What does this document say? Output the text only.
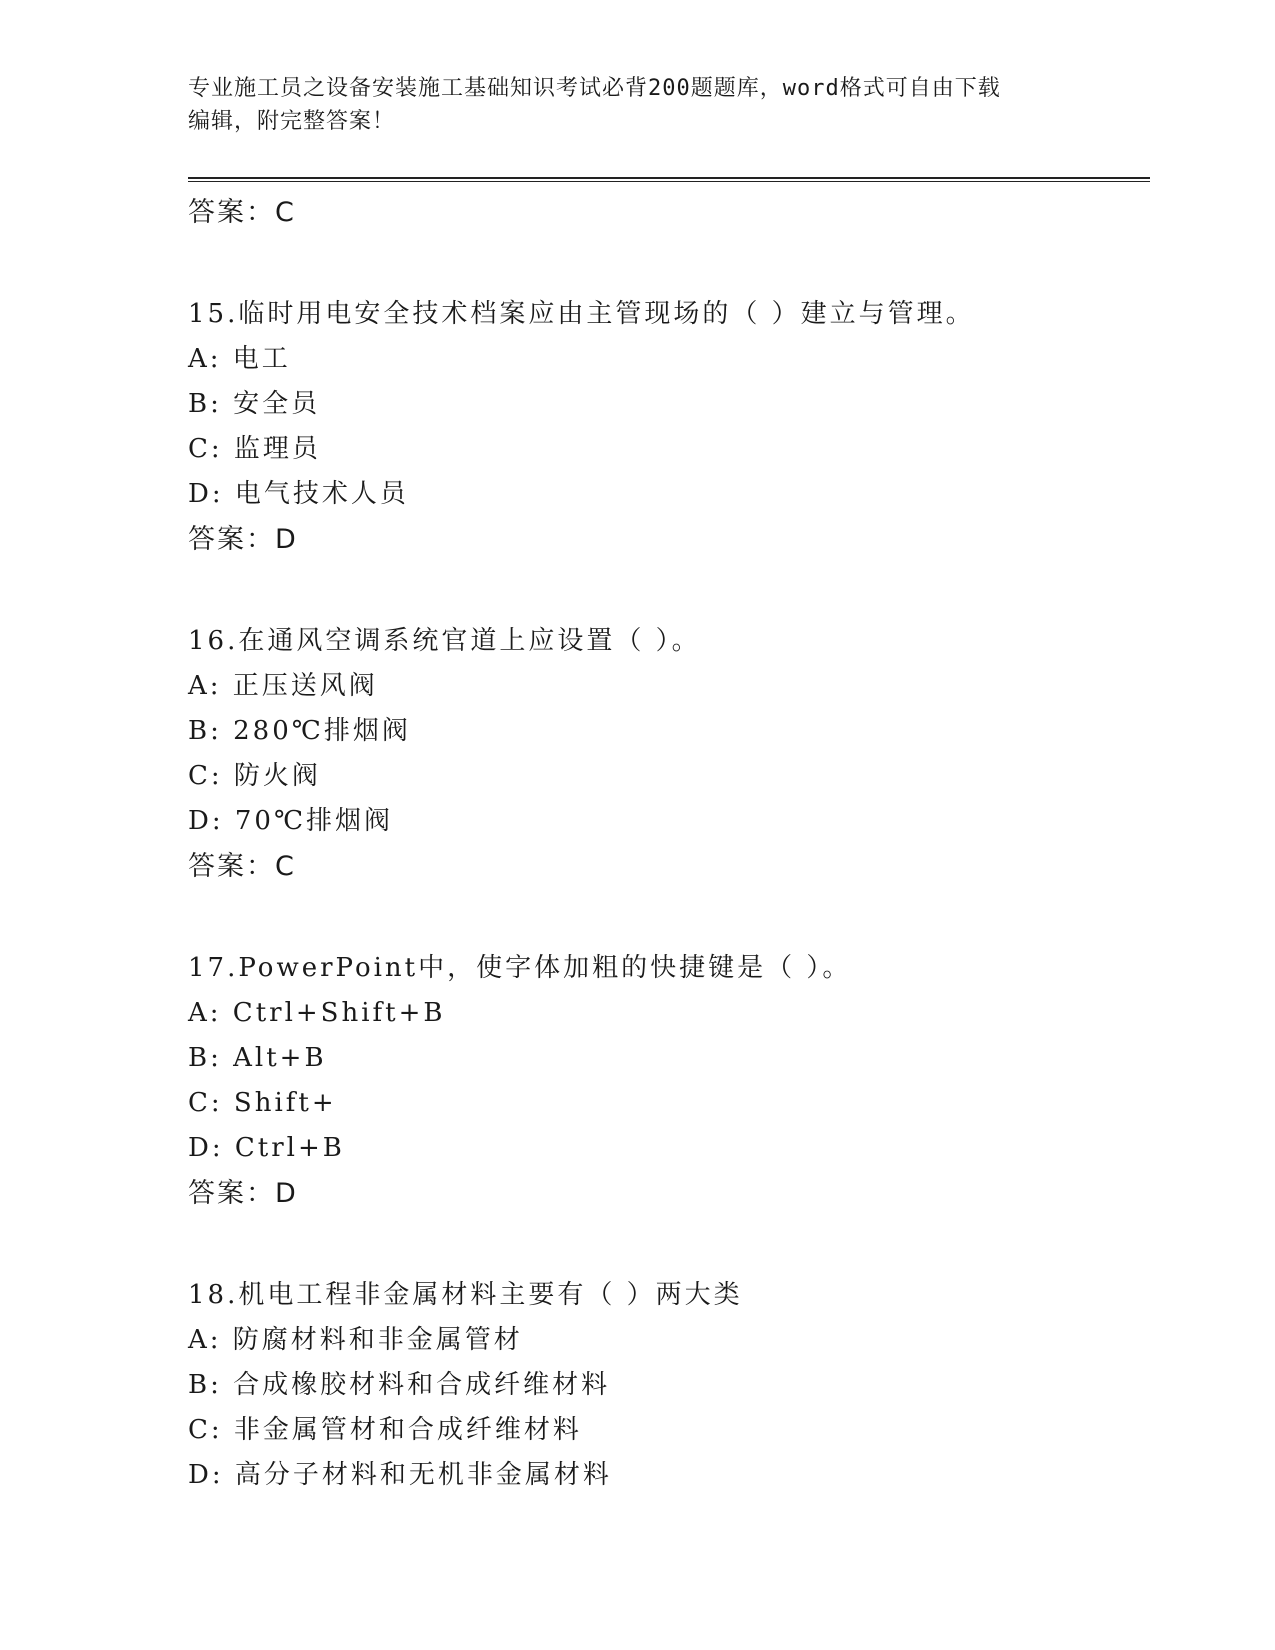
专业施工员之设备安装施工基础知识考试必背200题题库，word格式可自由下载
编辑，附完整答案！
答案：C
15.临时用电安全技术档案应由主管现场的（ ）建立与管理。
A: 电工
B: 安全员
C: 监理员
D: 电气技术人员
答案：D
16.在通风空调系统官道上应设置（ ）。
A: 正压送风阀
B: 280℃排烟阀
C: 防火阀
D: 70℃排烟阀
答案：C
17.PowerPoint中，使字体加粗的快捷键是（ ）。
A: Ctrl+Shift+B
B: Alt+B
C: Shift+
D: Ctrl+B
答案：D
18.机电工程非金属材料主要有（ ）两大类
A: 防腐材料和非金属管材
B: 合成橡胶材料和合成纤维材料
C: 非金属管材和合成纤维材料
D: 高分子材料和无机非金属材料
